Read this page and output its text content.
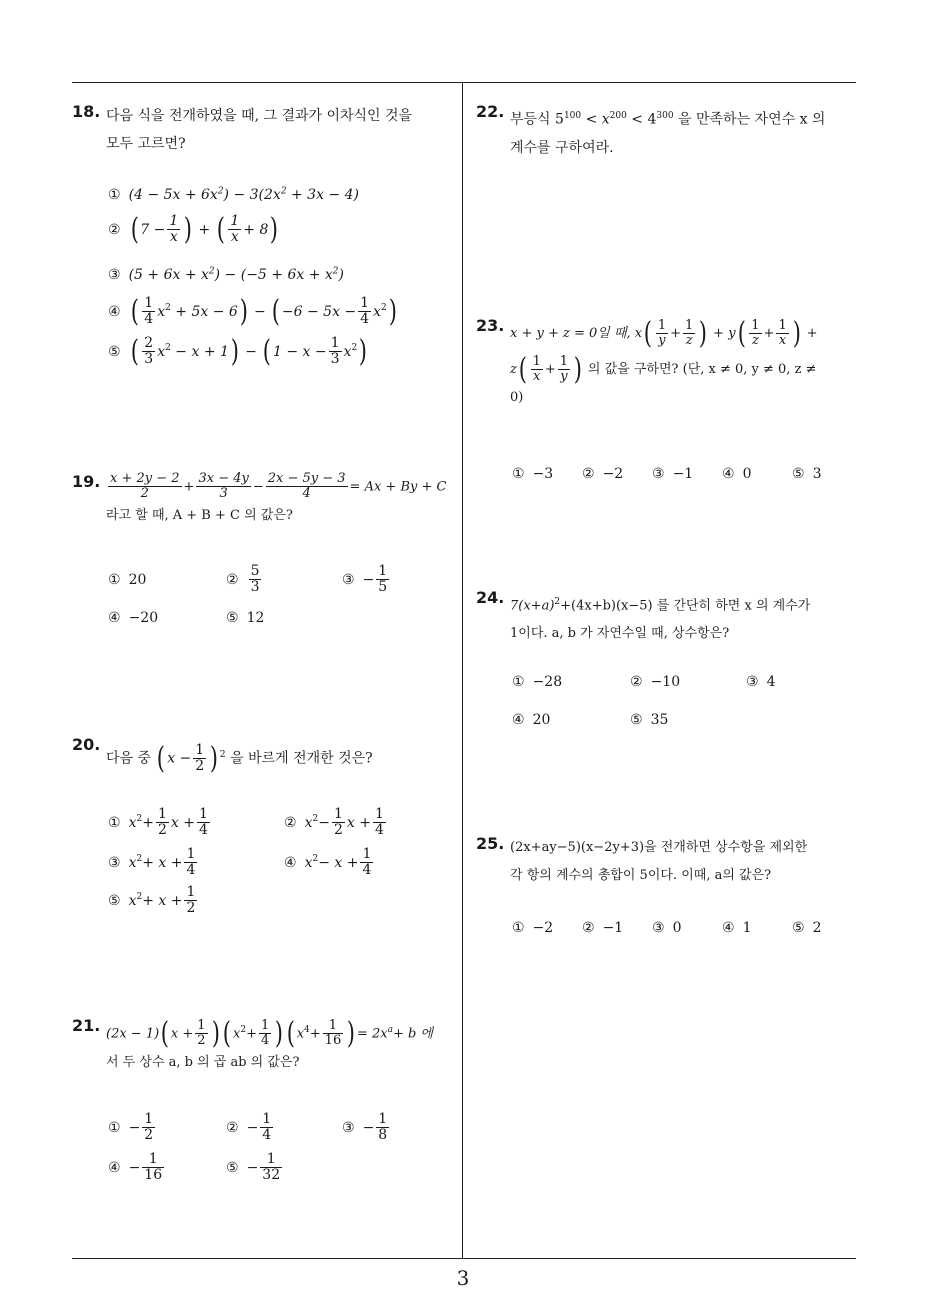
18. 다음 식을 전개하였을 때, 그 결과가 이차식인 것을
모두 고르면?
① $(4 - 5x + 6x^2) - 3(2x^2 + 3x - 4)$
② ( $7 - \frac{1}{x}$ ) + ( $\frac{1}{x} + 8$)
③ $(5 + 6x + x^2) - (-5 + 6x + x^2)$
④ ( $\frac{1}{4} x^2 + 5x - 6$) − ( $-6 - 5x - \frac{1}{4} x^2$)
⑤ ( $\frac{2}{3} x^2 - x + 1$) − ( $1 - x - \frac{1}{3} x^2$)
19. $\frac{x + 2y - 2}{2} + \frac{3x - 4y}{3} - \frac{2x - 5y - 3}{4} = Ax + By + C$
라고 할 때, A + B + C 의 값은?
① 20	② $\frac{5}{3}$	③ − $\frac{1}{5}$
④ −20	⑤ 12
20.
다음 중 ( $x - \frac{1}{2}$ ) $^2$ 을 바르게 전개한 것은?
① $x^2+ \frac{1}{2}$ $x + \frac{1}{4}$	② $x^2- \frac{1}{2}$ $x + \frac{1}{4}$
③ $x^2+ x + \frac{1}{4}$	④ $x^2- x + \frac{1}{4}$
⑤ $x^2+ x + \frac{1}{2}$
21. (2x − 1)( $x + \frac{1}{2}$ ) ( $x^2+ \frac{1}{4}$ ) ( $x^4+ \frac{1}{16}$ ) = $2x^a+ b$ 에
서 두 상수 a, b 의 곱 ab 의 값은?
① − $\frac{1}{2}$	② − $\frac{1}{4}$	③ − $\frac{1}{8}$
④ − $\frac{1}{16}$	⑤ − $\frac{1}{32}$
22. 부등식 $5^{100} < x^{200} < 4^{300}$ 을 만족하는 자연수 x 의
계수를 구하여라.
23. x + y + z = 0일 때, $x( \frac{1}{y} + \frac{1}{z}$ ) + $y( \frac{1}{z} + \frac{1}{x}$ ) +
$z( \frac{1}{x} + \frac{1}{y}$ ) 의 값을 구하면? (단, x ≠ 0, y ≠ 0, z ≠
0)
① −3 ② −2 ③ −1 ④ 0	⑤ 3
24. $7(x+a)^2+(4x+b)(x-5)$ 를 간단히 하면 x 의 계수가
1이다. a, b 가 자연수일 때, 상수항은?
① −28	② −10	③ 4
④ 20	⑤ 35
25. (2x+ay−5)(x−2y+3)을 전개하면 상수항을 제외한
각 항의 계수의 총합이 5이다. 이때, a의 값은?
① −2 ② −1 ③ 0	④ 1	⑤ 2
3
